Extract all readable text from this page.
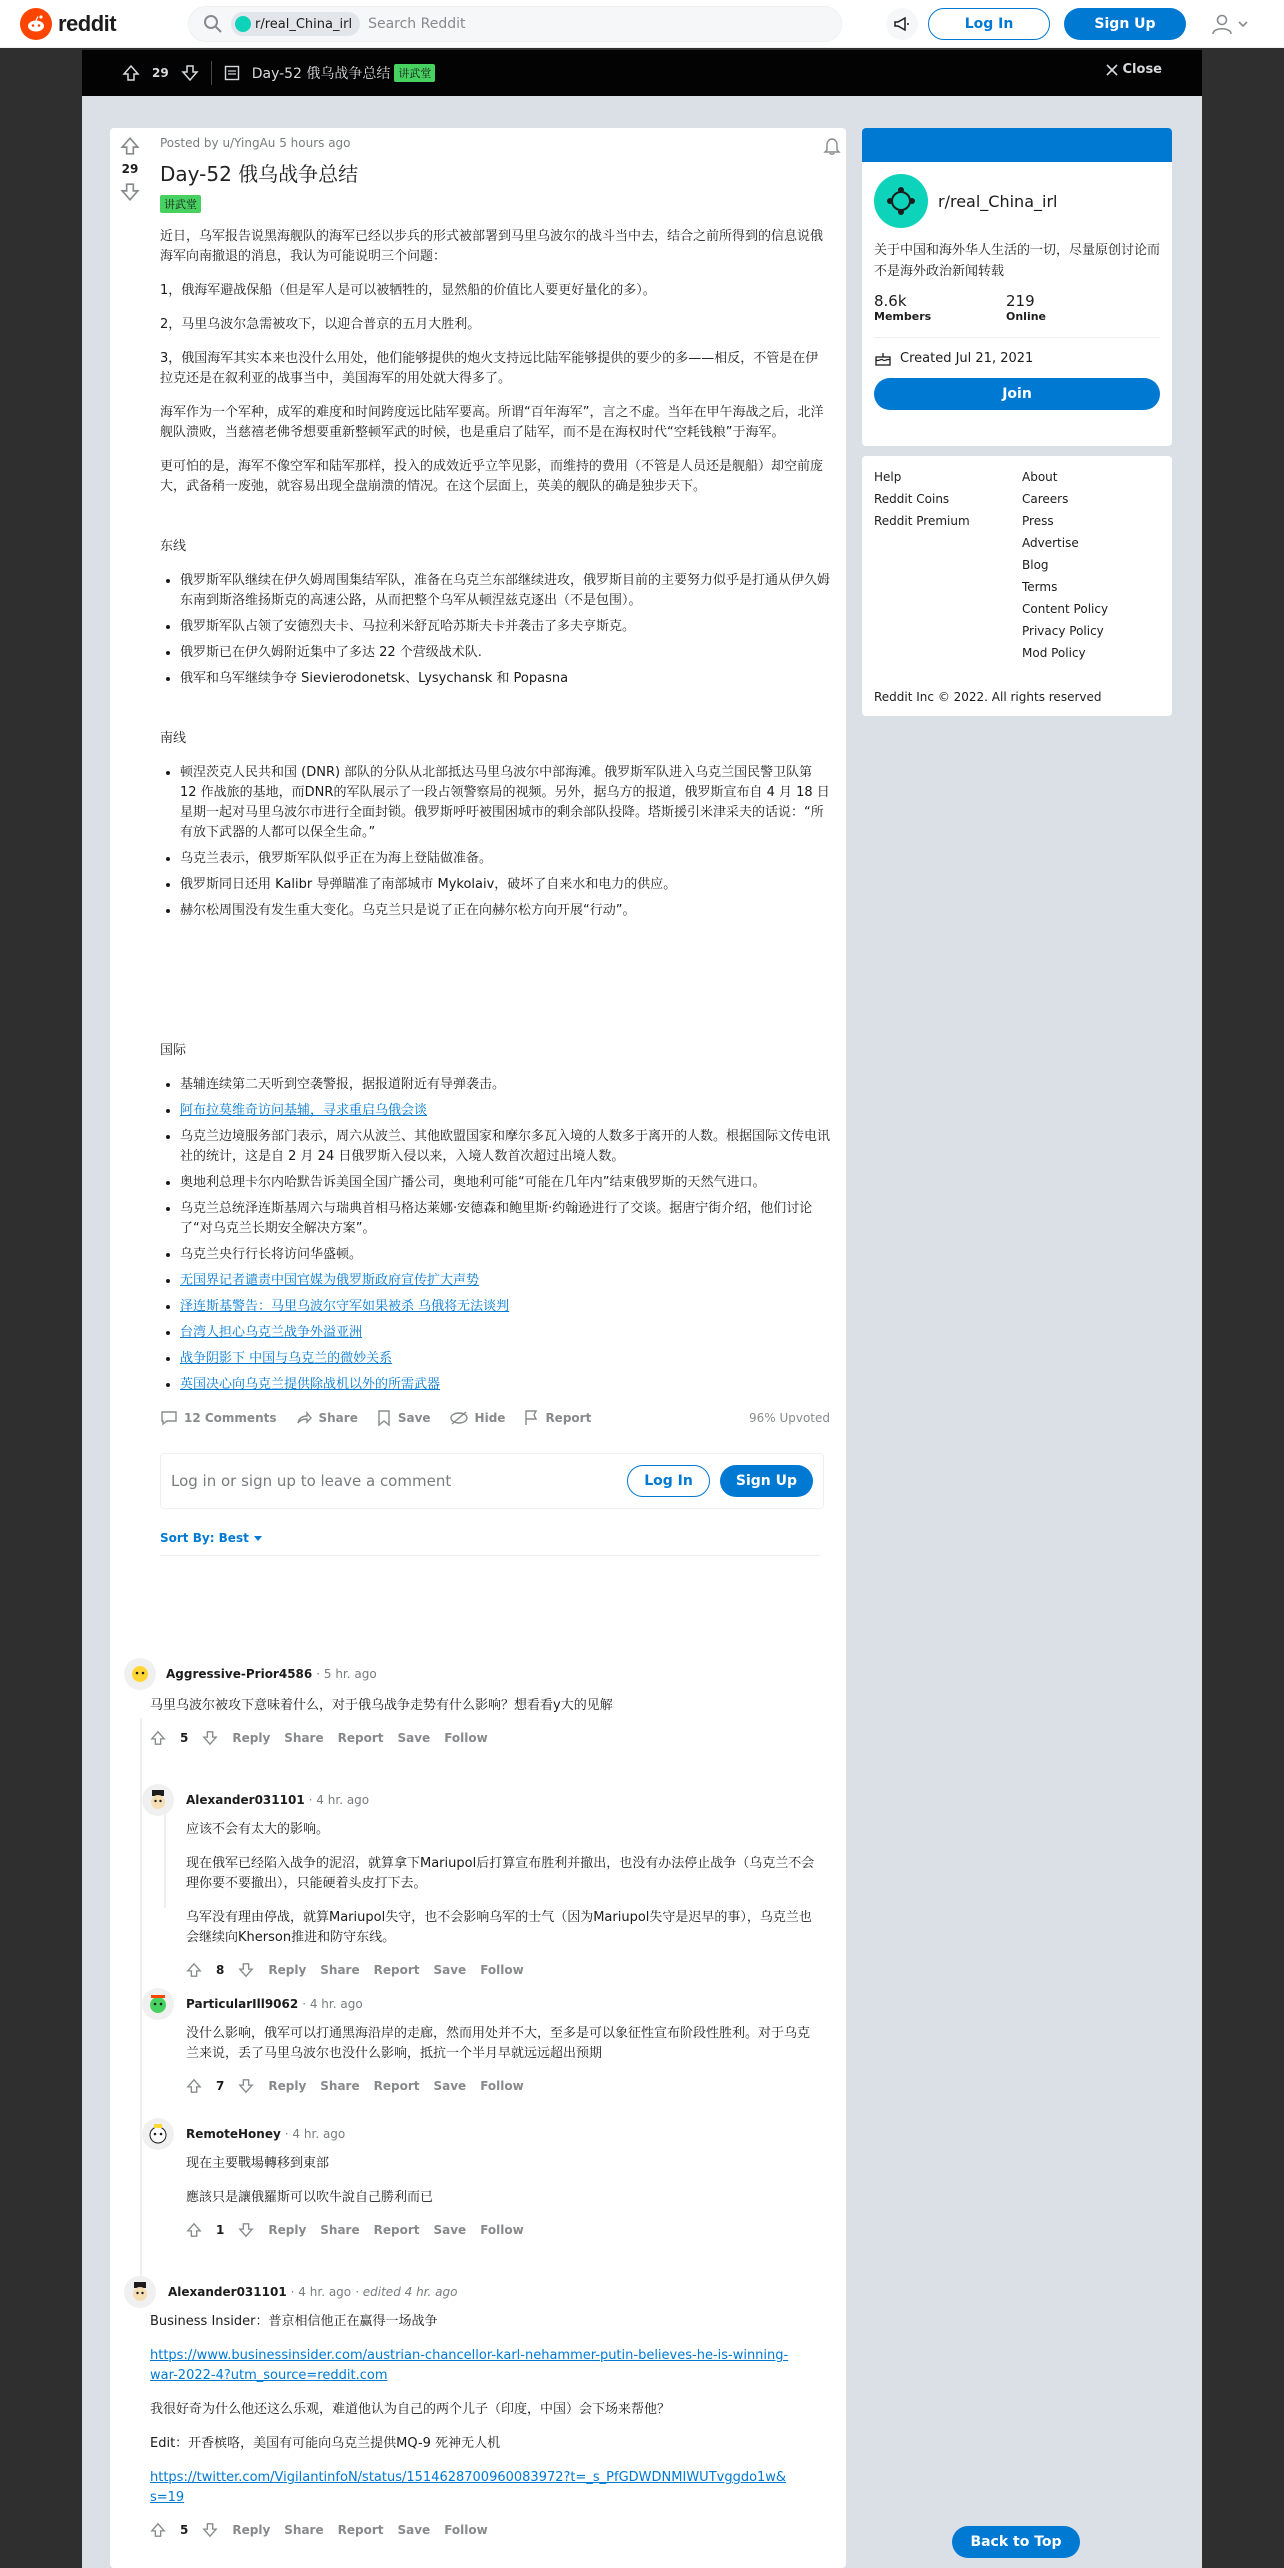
reddit	r/real_China_irl
Search Reddit	Log In	Sign Up
29	Day-52 俄乌战争总结 讲武堂	Close
29
Posted by u/YingAu 5 hours ago
Day-52 俄乌战争总结
讲武堂

近日，乌军报告说黑海舰队的海军已经以步兵的形式被部署到马里乌波尔的战斗当中去，结合之前所得到的信息说俄海军向南撤退的消息，我认为可能说明三个问题：

1，俄海军避战保船（但是军人是可以被牺牲的，显然船的价值比人要更好量化的多）。

2，马里乌波尔急需被攻下，以迎合普京的五月大胜利。

3，俄国海军其实本来也没什么用处，他们能够提供的炮火支持远比陆军能够提供的要少的多——相反，不管是在伊拉克还是在叙利亚的战事当中，美国海军的用处就大得多了。

海军作为一个军种，成军的难度和时间跨度远比陆军要高。所谓“百年海军”，言之不虚。当年在甲午海战之后，北洋舰队溃败，当慈禧老佛爷想要重新整顿军武的时候，也是重启了陆军，而不是在海权时代“空耗钱粮”于海军。

更可怕的是，海军不像空军和陆军那样，投入的成效近乎立竿见影，而维持的费用（不管是人员还是舰船）却空前庞大，武备稍一废弛，就容易出现全盘崩溃的情况。在这个层面上，英美的舰队的确是独步天下。

东线

• 俄罗斯军队继续在伊久姆周围集结军队，准备在乌克兰东部继续进攻，俄罗斯目前的主要努力似乎是打通从伊久姆东南到斯洛维扬斯克的高速公路，从而把整个乌军从顿涅兹克逐出（不是包围）。
• 俄罗斯军队占领了安德烈夫卡、马拉利米舒瓦哈苏斯夫卡并袭击了多夫亨斯克。
• 俄罗斯已在伊久姆附近集中了多达 22 个营级战术队.
• 俄军和乌军继续争夺 Sievierodonetsk、Lysychansk 和 Popasna

南线

• 顿涅茨克人民共和国 (DNR) 部队的分队从北部抵达马里乌波尔中部海滩。俄罗斯军队进入乌克兰国民警卫队第 12 作战旅的基地，而DNR的军队展示了一段占领警察局的视频。另外，据乌方的报道，俄罗斯宣布自 4 月 18 日星期一起对马里乌波尔市进行全面封锁。俄罗斯呼吁被围困城市的剩余部队投降。塔斯援引米津采夫的话说：“所有放下武器的人都可以保全生命。”
• 乌克兰表示，俄罗斯军队似乎正在为海上登陆做准备。
• 俄罗斯同日还用 Kalibr 导弹瞄准了南部城市 Mykolaiv，破坏了自来水和电力的供应。
• 赫尔松周围没有发生重大变化。乌克兰只是说了正在向赫尔松方向开展“行动”。

国际

• 基辅连续第二天听到空袭警报，据报道附近有导弹袭击。
• 阿布拉莫维奇访问基辅，寻求重启乌俄会谈
• 乌克兰边境服务部门表示，周六从波兰、其他欧盟国家和摩尔多瓦入境的人数多于离开的人数。根据国际文传电讯社的统计，这是自 2 月 24 日俄罗斯入侵以来，入境人数首次超过出境人数。
• 奥地利总理卡尔内哈默告诉美国全国广播公司，奥地利可能“可能在几年内”结束俄罗斯的天然气进口。
• 乌克兰总统泽连斯基周六与瑞典首相马格达莱娜·安德森和鲍里斯·约翰逊进行了交谈。据唐宁街介绍，他们讨论了“对乌克兰长期安全解决方案”。
• 乌克兰央行行长将访问华盛顿。
• 无国界记者谴责中国官媒为俄罗斯政府宣传扩大声势
• 泽连斯基警告：马里乌波尔守军如果被杀 乌俄将无法谈判
• 台湾人担心乌克兰战争外溢亚洲
• 战争阴影下 中国与乌克兰的微妙关系
• 英国决心向乌克兰提供除战机以外的所需武器
12 Comments	Share	Save	Hide	Report	96% Upvoted
Log in or sign up to leave a comment	Log In	Sign Up
Sort By: Best
Aggressive-Prior4586 · 5 hr. ago

马里乌波尔被攻下意味着什么，对于俄乌战争走势有什么影响？想看看y大的见解

5	Reply Share Report Save Follow
Alexander031101 · 4 hr. ago

应该不会有太大的影响。

现在俄军已经陷入战争的泥沼，就算拿下Mariupol后打算宣布胜利并撤出，也没有办法停止战争（乌克兰不会理你要不要撤出），只能硬着头皮打下去。

乌军没有理由停战，就算Mariupol失守，也不会影响乌军的士气（因为Mariupol失守是迟早的事），乌克兰也会继续向Kherson推进和防守东线。

8	Reply Share Report Save Follow
ParticularIll9062 · 4 hr. ago

没什么影响，俄军可以打通黑海沿岸的走廊，然而用处并不大，至多是可以象征性宣布阶段性胜利。对于乌克兰来说，丢了马里乌波尔也没什么影响，抵抗一个半月早就远远超出预期

7	Reply Share Report Save Follow
RemoteHoney · 4 hr. ago

现在主要戰場轉移到東部

應該只是讓俄羅斯可以吹牛說自己勝利而已

1	Reply Share Report Save Follow
Alexander031101 · 4 hr. ago · edited 4 hr. ago

Business Insider：普京相信他正在赢得一场战争

https://www.businessinsider.com/austrian-chancellor-karl-nehammer-putin-believes-he-is-winning-war-2022-4?utm_source=reddit.com

我很好奇为什么他还这么乐观，难道他认为自己的两个儿子（印度，中国）会下场来帮他？

Edit：开香槟咯，美国有可能向乌克兰提供MQ-9 死神无人机

https://twitter.com/VigilantinfoN/status/1514628700960083972?t=_s_PfGDWDNMIWUTvggdo1w&s=19

5	Reply Share Report Save Follow
r/real_China_irl
关于中国和海外华人生活的一切，尽量原创讨论而不是海外政治新闻转载
8.6k
Members
219
Online
Created Jul 21, 2021
Join
Help
Reddit Coins
Reddit Premium
About
Careers
Press
Advertise
Blog
Terms
Content Policy
Privacy Policy
Mod Policy
Reddit Inc © 2022. All rights reserved
Back to Top
